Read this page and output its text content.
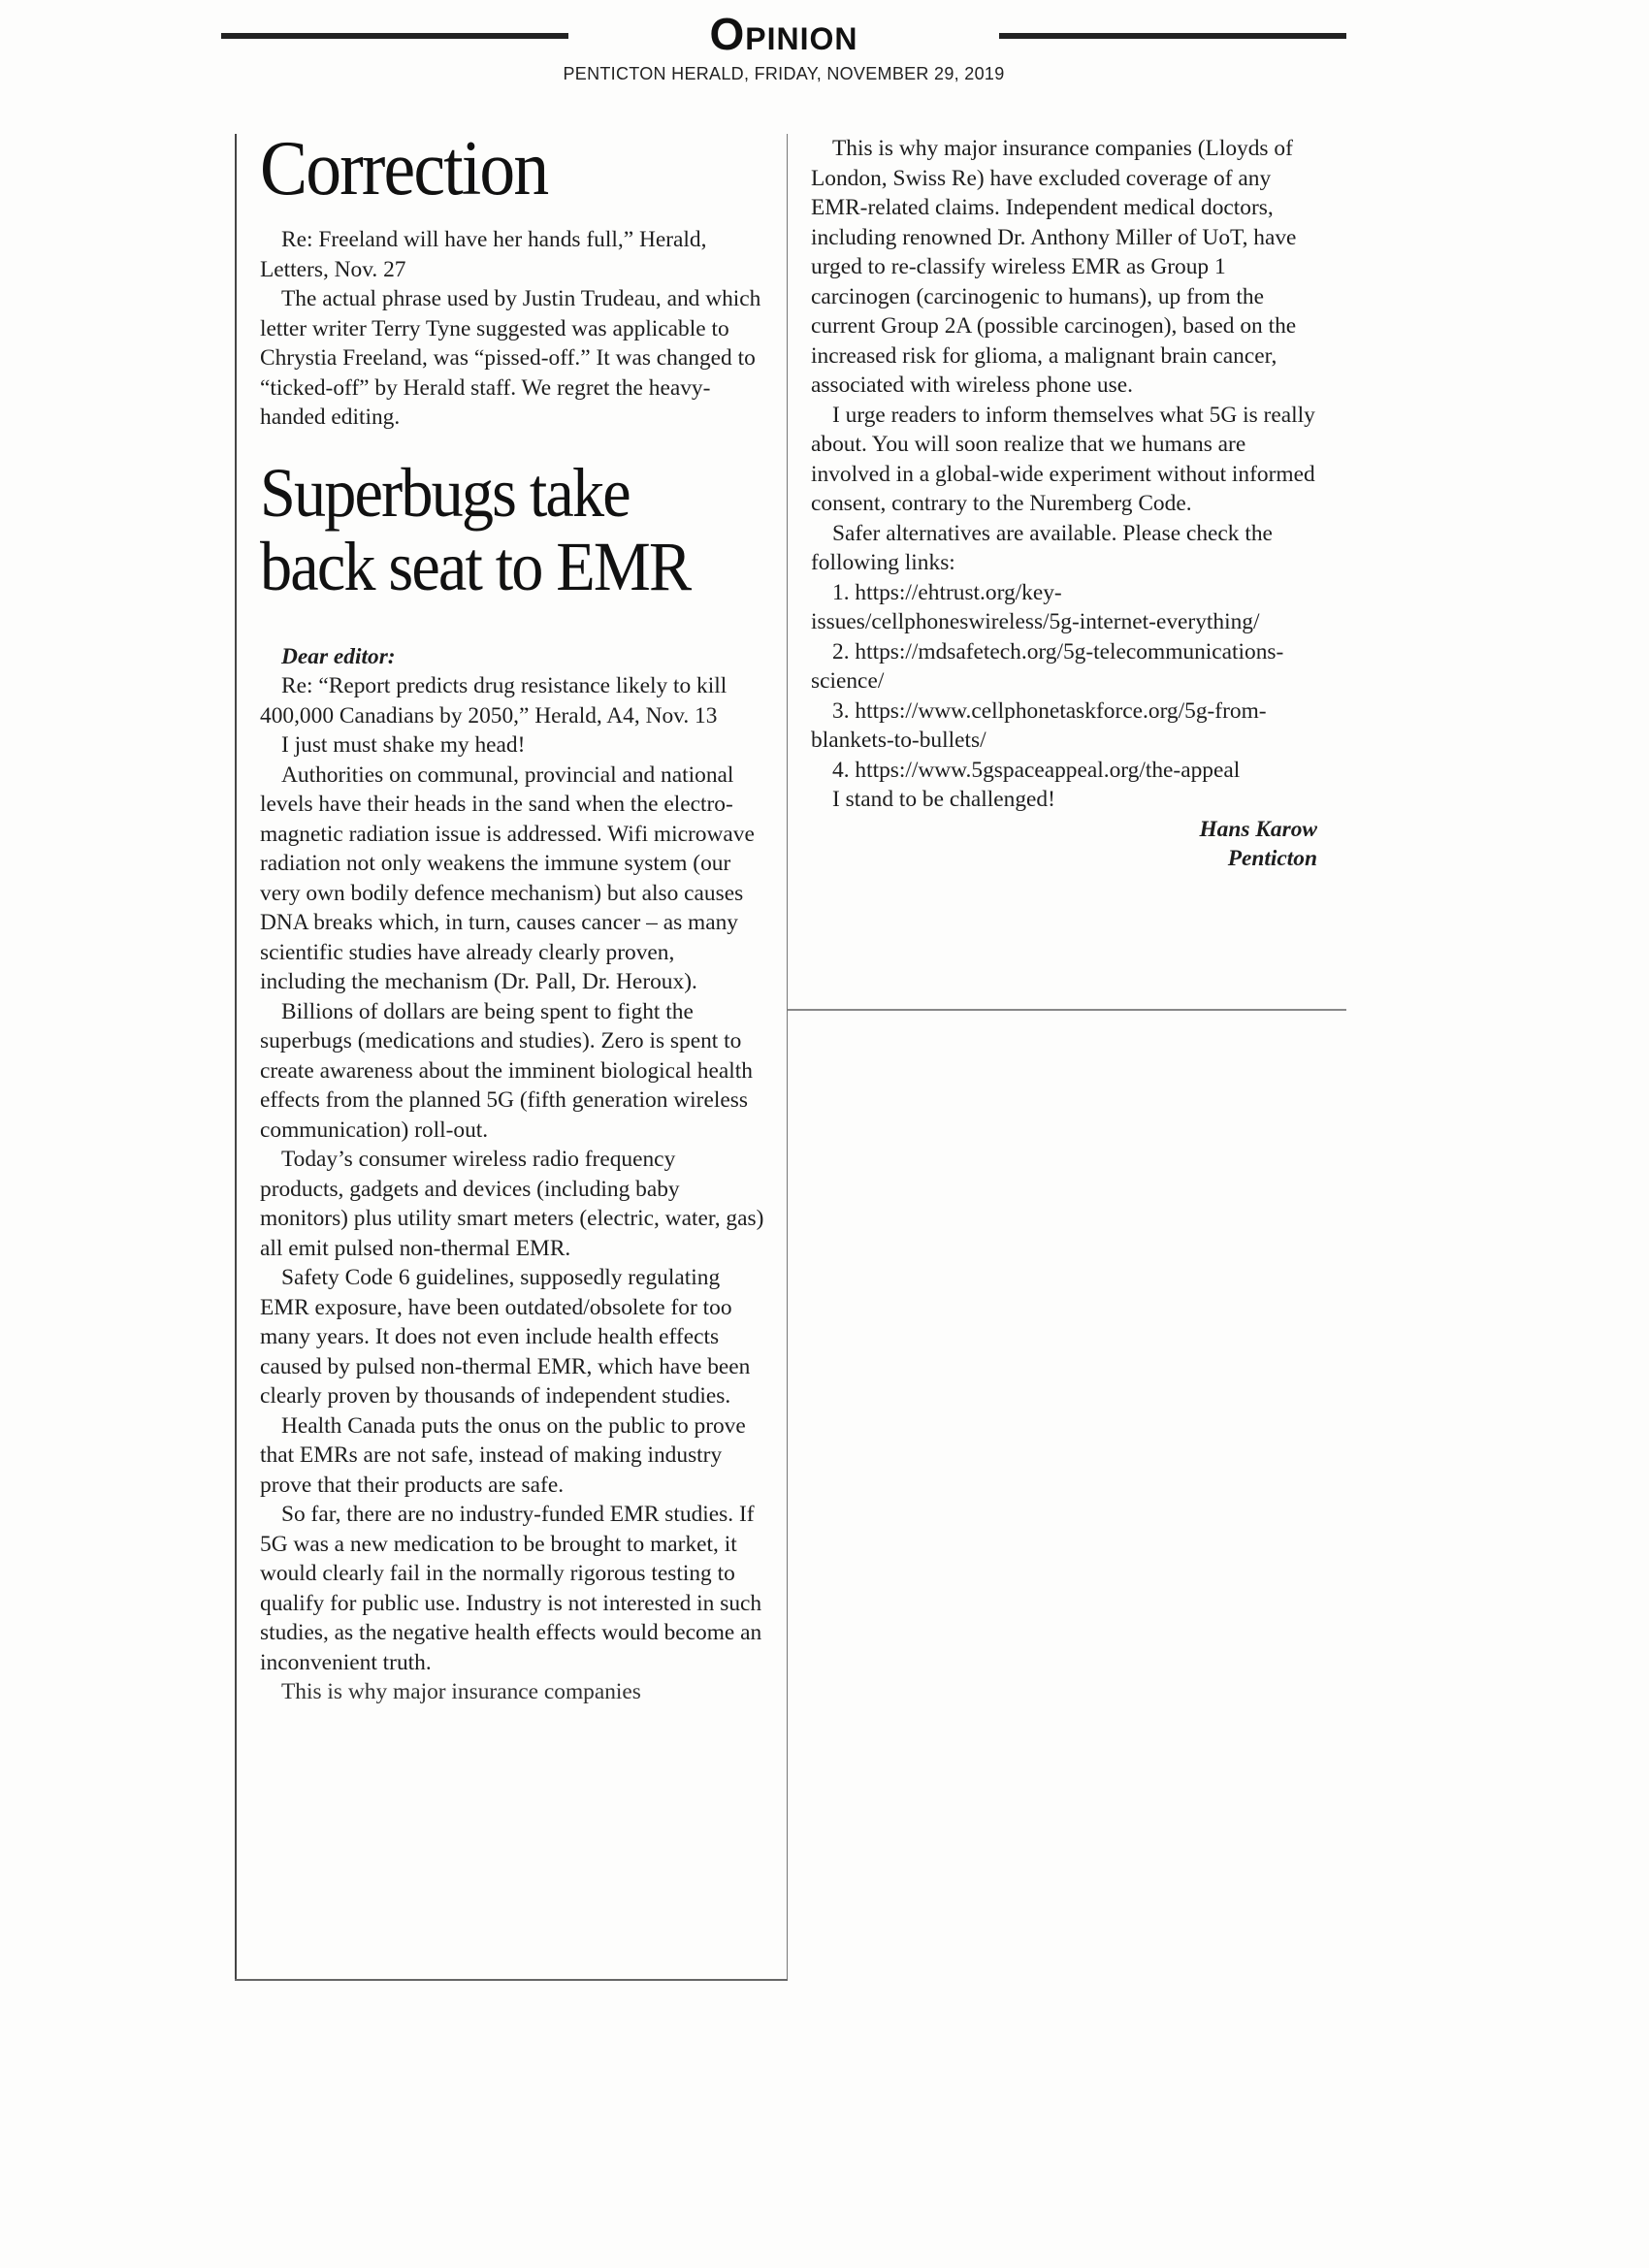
Opinion
PENTICTON HERALD, FRIDAY, NOVEMBER 29, 2019
Correction

Re: Freeland will have her hands full,” Herald, Letters, Nov. 27

The actual phrase used by Justin Trudeau, and which letter writer Terry Tyne suggested was applicable to Chrystia Freeland, was “pissed-off.” It was changed to “ticked-off” by Herald staff. We regret the heavy-handed editing.

Superbugs take
back seat to EMR

Dear editor:

Re: “Report predicts drug resistance likely to kill 400,000 Canadians by 2050,” Herald, A4, Nov. 13

I just must shake my head!

Authorities on communal, provincial and national levels have their heads in the sand when the electro-magnetic radiation issue is addressed. Wifi microwave radiation not only weakens the immune system (our very own bodily defence mechanism) but also causes DNA breaks which, in turn, causes cancer – as many scientific studies have already clearly proven, including the mechanism (Dr. Pall, Dr. Heroux).

Billions of dollars are being spent to fight the superbugs (medications and studies). Zero is spent to create awareness about the imminent biological health effects from the planned 5G (fifth generation wireless communication) roll-out.

Today’s consumer wireless radio frequency products, gadgets and devices (including baby monitors) plus utility smart meters (electric, water, gas) all emit pulsed non-thermal EMR.

Safety Code 6 guidelines, supposedly regulating EMR exposure, have been outdated/obsolete for too many years. It does not even include health effects caused by pulsed non-thermal EMR, which have been clearly proven by thousands of independent studies.

Health Canada puts the onus on the public to prove that EMRs are not safe, instead of making industry prove that their products are safe.

So far, there are no industry-funded EMR studies. If 5G was a new medication to be brought to market, it would clearly fail in the normally rigorous testing to qualify for public use. Industry is not interested in such studies, as the negative health effects would become an inconvenient truth.

This is why major insurance companies

This is why major insurance companies (Lloyds of London, Swiss Re) have excluded coverage of any EMR-related claims. Independent medical doctors, including renowned Dr. Anthony Miller of UoT, have urged to re-classify wireless EMR as Group 1 carcinogen (carcinogenic to humans), up from the current Group 2A (possible carcinogen), based on the increased risk for glioma, a malignant brain cancer, associated with wireless phone use.

I urge readers to inform themselves what 5G is really about. You will soon realize that we humans are involved in a global-wide experiment without informed consent, contrary to the Nuremberg Code.

Safer alternatives are available. Please check the following links:

1. https://ehtrust.org/key-issues/cellphoneswireless/5g-internet-everything/

2. https://mdsafetech.org/5g-telecommunications-science/

3. https://www.cellphonetaskforce.org/5g-from-blankets-to-bullets/

4. https://www.5gspaceappeal.org/the-appeal

I stand to be challenged!

Hans Karow

Penticton
